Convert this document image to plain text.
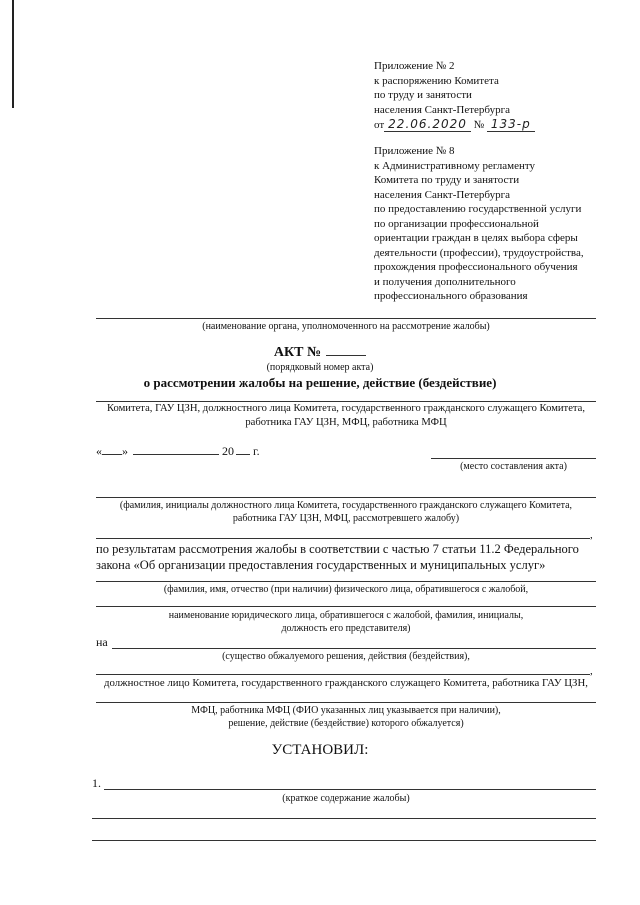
Приложение № 2
к распоряжению Комитета
по труду и занятости
населения Санкт-Петербурга
от 22.06.2020 № 133-р
Приложение № 8
к Административному регламенту
Комитета по труду и занятости
населения Санкт-Петербурга
по предоставлению государственной услуги
по организации профессиональной
ориентации граждан в целях выбора сферы
деятельности (профессии), трудоустройства,
прохождения профессионального обучения
и получения дополнительного
профессионального образования
(наименование органа, уполномоченного на рассмотрение жалобы)
АКТ №
(порядковый номер акта)
о рассмотрении жалобы на решение, действие (бездействие)
Комитета, ГАУ ЦЗН, должностного лица Комитета, государственного гражданского служащего Комитета,
работника ГАУ ЦЗН, МФЦ, работника МФЦ
« »	20 г.
(место составления акта)
(фамилия, инициалы должностного лица Комитета, государственного гражданского служащего Комитета,
работника ГАУ ЦЗН, МФЦ, рассмотревшего жалобу)
,
по результатам рассмотрения жалобы в соответствии с частью 7 статьи 11.2 Федерального
закона «Об организации предоставления государственных и муниципальных услуг»
(фамилия, имя, отчество (при наличии) физического лица, обратившегося с жалобой,
наименование юридического лица, обратившегося с жалобой, фамилия, инициалы,
должность его представителя)
на
(существо обжалуемого решения, действия (бездействия),
,
должностное лицо Комитета, государственного гражданского служащего Комитета, работника ГАУ ЦЗН,
МФЦ, работника МФЦ (ФИО указанных лиц указывается при наличии),
решение, действие (бездействие) которого обжалуется)
УСТАНОВИЛ:
1.
(краткое содержание жалобы)
